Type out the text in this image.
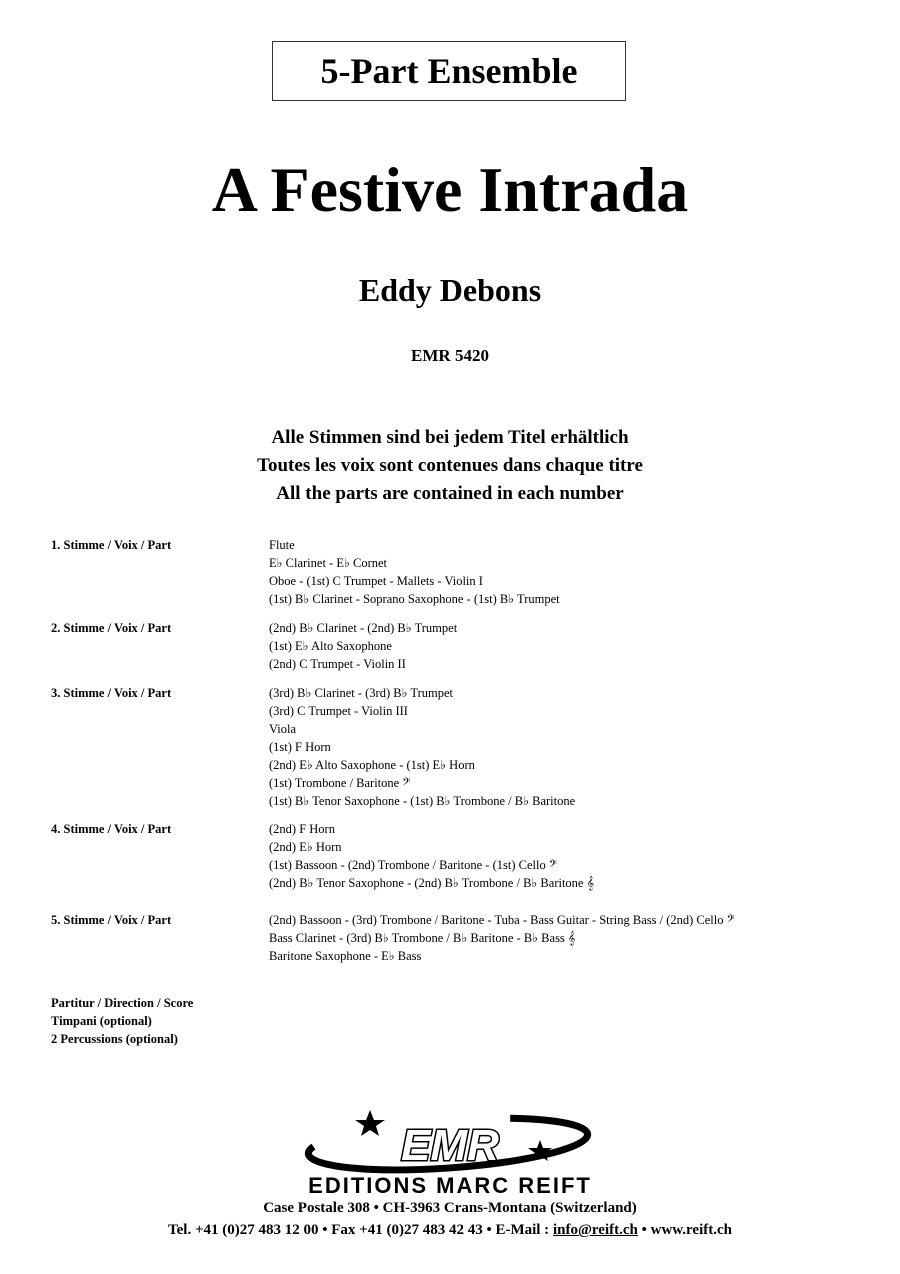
5-Part Ensemble
A Festive Intrada
Eddy Debons
EMR 5420
Alle Stimmen sind bei jedem Titel erhältlich
Toutes les voix sont contenues dans chaque titre
All the parts are contained in each number
1. Stimme / Voix / Part	Flute
E♭ Clarinet - E♭ Cornet
Oboe - (1st) C Trumpet - Mallets - Violin I
(1st) B♭ Clarinet - Soprano Saxophone - (1st) B♭ Trumpet
2. Stimme / Voix / Part	(2nd) B♭ Clarinet - (2nd) B♭ Trumpet
(1st) E♭ Alto Saxophone
(2nd) C Trumpet - Violin II
3. Stimme / Voix / Part	(3rd) B♭ Clarinet - (3rd) B♭ Trumpet
(3rd) C Trumpet - Violin III
Viola
(1st) F Horn
(2nd) E♭ Alto Saxophone - (1st) E♭ Horn
(1st) Trombone / Baritone 𝄢
(1st) B♭ Tenor Saxophone - (1st) B♭ Trombone / B♭ Baritone
4. Stimme / Voix / Part	(2nd) F Horn
(2nd) E♭ Horn
(1st) Bassoon - (2nd) Trombone / Baritone - (1st) Cello 𝄢
(2nd) B♭ Tenor Saxophone - (2nd) B♭ Trombone / B♭ Baritone 𝄞
5. Stimme / Voix / Part	(2nd) Bassoon - (3rd) Trombone / Baritone - Tuba - Bass Guitar - String Bass / (2nd) Cello 𝄢
Bass Clarinet - (3rd) B♭ Trombone / B♭ Baritone - B♭ Bass 𝄞
Baritone Saxophone - E♭ Bass
Partitur / Direction / Score
Timpani (optional)
2 Percussions (optional)
EMR
EDITIONS MARC REIFT
Case Postale 308 • CH-3963 Crans-Montana (Switzerland)
Tel. +41 (0)27 483 12 00 • Fax +41 (0)27 483 42 43 • E-Mail : info@reift.ch • www.reift.ch
